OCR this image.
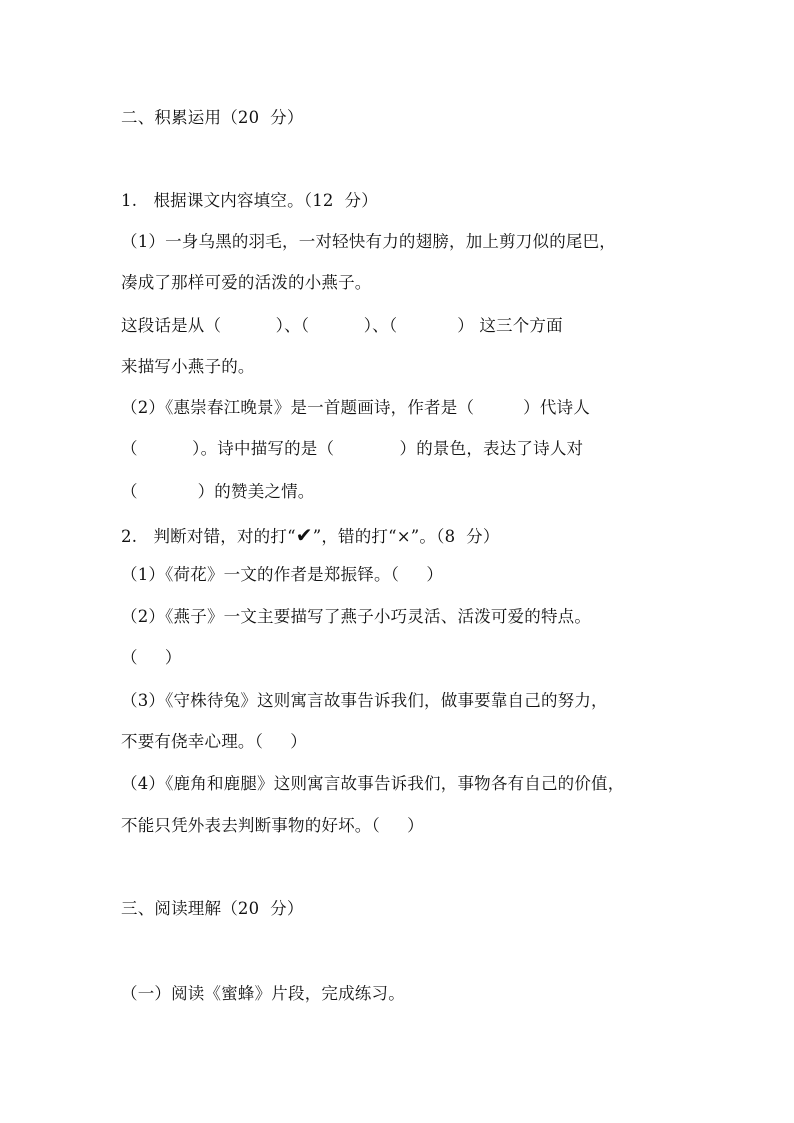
二、积累运用（20  分）

1.   根据课文内容填空。（12  分）

（1）一身乌黑的羽毛，一对轻快有力的翅膀，加上剪刀似的尾巴，

凑成了那样可爱的活泼的小燕子。

这段话是从（          ）、（          ）、（           ） 这三个方面

来描写小燕子的。

（2）《惠崇春江晚景》是一首题画诗，作者是（         ）代诗人

（          ）。诗中描写的是（            ）的景色，表达了诗人对

（           ）的赞美之情。

2.   判断对错，对的打“✔”，错的打“×”。（8  分）

（1）《荷花》一文的作者是郑振铎。（     ）

（2）《燕子》一文主要描写了燕子小巧灵活、活泼可爱的特点。

（     ）

（3）《守株待兔》这则寓言故事告诉我们，做事要靠自己的努力，

不要有侥幸心理。（     ）

（4）《鹿角和鹿腿》这则寓言故事告诉我们，事物各有自己的价值，

不能只凭外表去判断事物的好坏。（     ）

三、阅读理解（20  分）

（一）阅读《蜜蜂》片段，完成练习。
